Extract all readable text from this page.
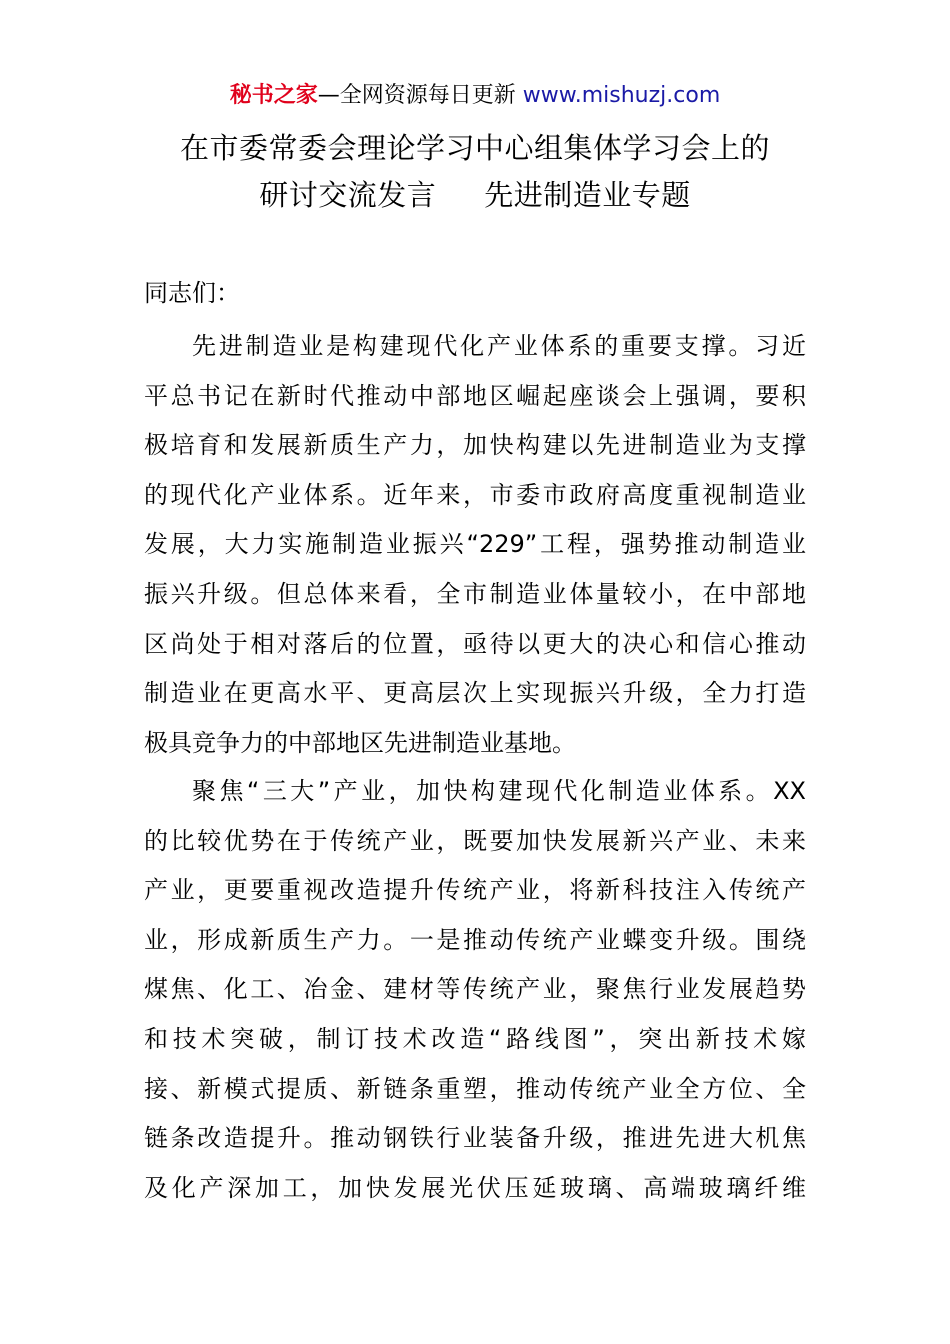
秘书之家—全网资源每日更新 www.mishuzj.com
在市委常委会理论学习中心组集体学习会上的
研讨交流发言 先进制造业专题
同志们：
先进制造业是构建现代化产业体系的重要支撑。习近
平总书记在新时代推动中部地区崛起座谈会上强调，要积
极培育和发展新质生产力，加快构建以先进制造业为支撑
的现代化产业体系。近年来，市委市政府高度重视制造业
发展，大力实施制造业振兴“229”工程，强势推动制造业
振兴升级。但总体来看，全市制造业体量较小，在中部地
区尚处于相对落后的位置，亟待以更大的决心和信心推动
制造业在更高水平、更高层次上实现振兴升级，全力打造
极具竞争力的中部地区先进制造业基地。
聚焦“三大”产业，加快构建现代化制造业体系。XX
的比较优势在于传统产业，既要加快发展新兴产业、未来
产业，更要重视改造提升传统产业，将新科技注入传统产
业，形成新质生产力。一是推动传统产业蝶变升级。围绕
煤焦、化工、冶金、建材等传统产业，聚焦行业发展趋势
和技术突破，制订技术改造“路线图”，突出新技术嫁
接、新模式提质、新链条重塑，推动传统产业全方位、全
链条改造提升。推动钢铁行业装备升级，推进先进大机焦
及化产深加工，加快发展光伏压延玻璃、高端玻璃纤维
